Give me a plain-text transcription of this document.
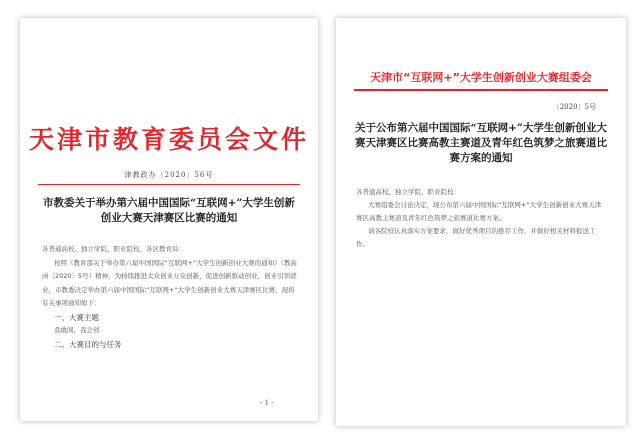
天津市教育委员会文件
津教政办〔2020〕56号
市教委关于举办第六届中国国际“互联网+”大学生创新创业大赛天津赛区比赛的通知

各普通高校、独立学院、职业院校、各区教育局：

按照《教育部关于举办第六届中国国际“互联网+”大学生创新创业大赛的通知》（教高函〔2020〕5号）精神，为持续推进大众创业万众创新，促进创新驱动创业，创业引领就业，市教委决定举办第六届中国国际“互联网+”大学生创新创业大赛天津赛区比赛，现将有关事项通知如下：

一、大赛主题

我敢闯，我会创

二、大赛目的与任务

- 1 -
天津市“互联网+”大学生创新创业大赛组委会
〔2020〕5号
关于公布第六届中国国际“互联网+”大学生创新创业大赛天津赛区比赛高教主赛道及青年红色筑梦之旅赛道比赛方案的通知

各普通高校、独立学院、职业院校：

大赛组委会讨论决定，现公布第六届中国国际“互联网+”大学生创新创业大赛天津赛区高教主赛道及青年红色筑梦之旅赛道比赛方案。

请各院校认真落实方案要求，做好优秀项目的推荐工作，并做好相关材料报送工作。
